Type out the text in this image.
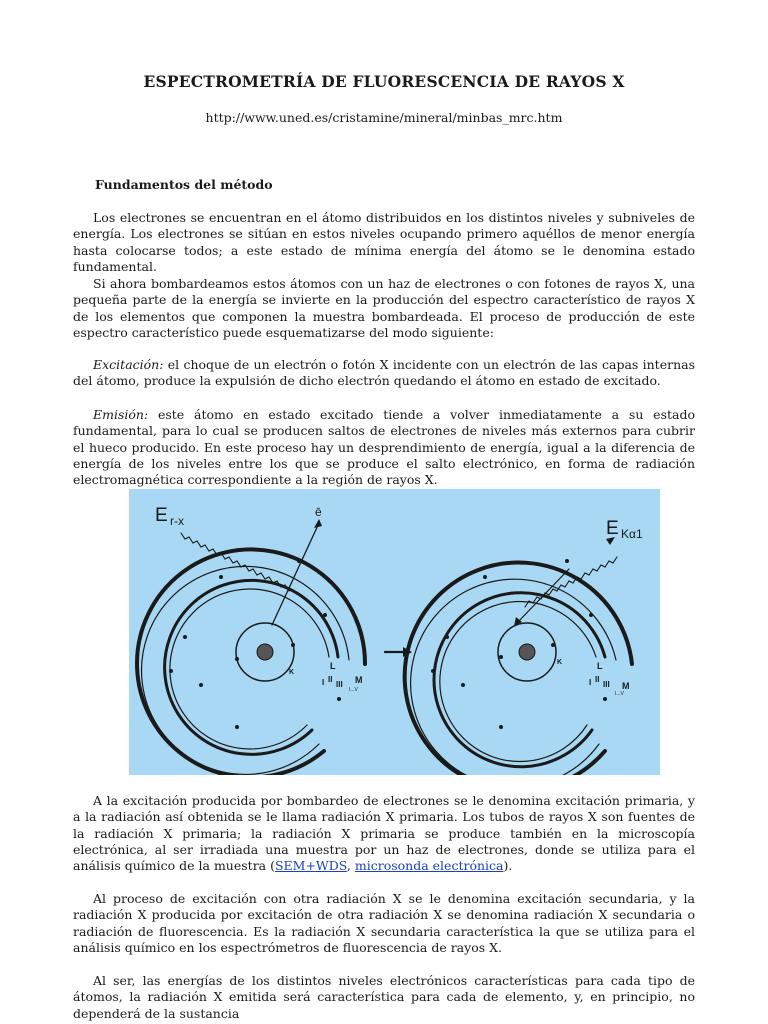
ESPECTROMETRÍA DE FLUORESCENCIA DE RAYOS X
http://www.uned.es/cristamine/mineral/minbas_mrc.htm
Fundamentos del método

Los electrones se encuentran en el átomo distribuidos en los distintos niveles y subniveles de energía. Los electrones se sitúan en estos niveles ocupando primero aquéllos de menor energía hasta colocarse todos; a este estado de mínima energía del átomo se le denomina estado fundamental.

Si ahora bombardeamos estos átomos con un haz de electrones o con fotones de rayos X, una pequeña parte de la energía se invierte en la producción del espectro característico de rayos X de los elementos que componen la muestra bombardeada. El proceso de producción de este espectro característico puede esquematizarse del modo siguiente:

Excitación: el choque de un electrón o fotón X incidente con un electrón de las capas internas del átomo, produce la expulsión de dicho electrón quedando el átomo en estado de excitado.

Emisión: este átomo en estado excitado tiende a volver inmediatamente a su estado fundamental, para lo cual se producen saltos de electrones de niveles más externos para cubrir el hueco producido. En este proceso hay un desprendimiento de energía, igual a la diferencia de energía de los niveles entre los que se produce el salto electrónico, en forma de radiación electromagnética correspondiente a la región de rayos X.

E r-x
ē
E Kα1
K
L
I II
III M
I...V
K	L
I II
III M
I...V

A la excitación producida por bombardeo de electrones se le denomina excitación primaria, y a la radiación así obtenida se le llama radiación X primaria. Los tubos de rayos X son fuentes de la radiación X primaria; la radiación X primaria se produce también en la microscopía electrónica, al ser irradiada una muestra por un haz de electrones, donde se utiliza para el análisis químico de la muestra (SEM+WDS, microsonda electrónica).

Al proceso de excitación con otra radiación X se le denomina excitación secundaria, y la radiación X producida por excitación de otra radiación X se denomina radiación X secundaria o radiación de fluorescencia. Es la radiación X secundaria característica la que se utiliza para el análisis químico en los espectrómetros de fluorescencia de rayos X.

Al ser, las energías de los distintos niveles electrónicos características para cada tipo de átomos, la radiación X emitida será característica para cada de elemento, y, en principio, no dependerá de la sustancia
